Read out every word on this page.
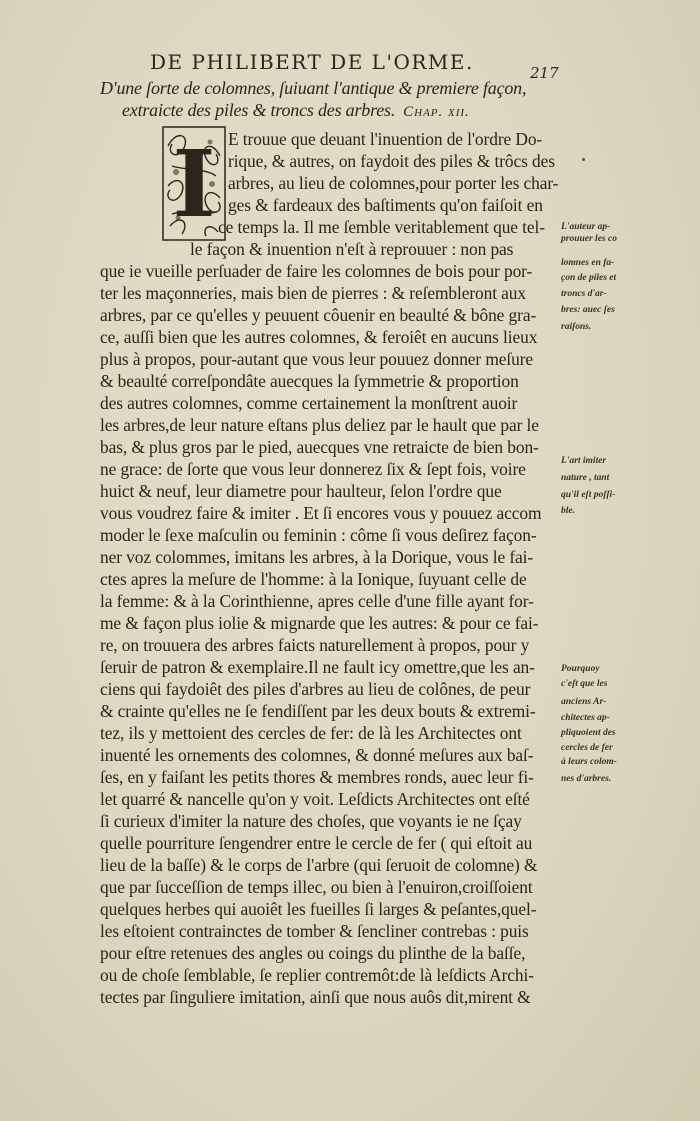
DE PHILIBERT DE L'ORME.	217
D'une ſorte de colomnes, ſuiuant l'antique & premiere façon,
extraicte des piles & troncs des arbres. Chap. xii.
I E trouue que deuant l'inuention de l'ordre Do-
rique, & autres, on faydoit des piles & trôcs des
arbres, au lieu de colomnes,pour porter les char-
ges & fardeaux des baſtiments qu'on faiſoit en
ce temps la. Il me ſemble veritablement que tel-
le façon & inuention n'eſt à reprouuer : non pas
que ie vueille perſuader de faire les colomnes de bois pour por-
ter les maçonneries, mais bien de pierres : & reſembleront aux
arbres, par ce qu'elles y peuuent côuenir en beaulté & bône gra-
ce, auſſi bien que les autres colomnes, & feroiêt en aucuns lieux
plus à propos, pour-autant que vous leur pouuez donner meſure
& beaulté correſpondâte auecques la ſymmetrie & proportion
des autres colomnes, comme certainement la monſtrent auoir
les arbres,de leur nature eſtans plus deliez par le hault que par le
bas, & plus gros par le pied, auecques vne retraicte de bien bon-
ne grace: de ſorte que vous leur donnerez ſix & ſept fois, voire
huict & neuf, leur diametre pour haulteur, ſelon l'ordre que
vous voudrez faire & imiter . Et ſi encores vous y pouuez accom
moder le ſexe maſculin ou feminin : côme ſi vous deſirez façon-
ner voz colommes, imitans les arbres, à la Dorique, vous le fai-
ctes apres la meſure de l'homme: à la Ionique, ſuyuant celle de
la femme: & à la Corinthienne, apres celle d'une fille ayant for-
me & façon plus iolie & mignarde que les autres: & pour ce fai-
re, on trouuera des arbres faicts naturellement à propos, pour y
ſeruir de patron & exemplaire.Il ne fault icy omettre,que les an-
ciens qui faydoiêt des piles d'arbres au lieu de colônes, de peur
& crainte qu'elles ne ſe fendiſſent par les deux bouts & extremi-
tez, ils y mettoient des cercles de fer: de là les Architectes ont
inuenté les ornements des colomnes, & donné meſures aux baſ-
ſes, en y faiſant les petits thores & membres ronds, auec leur fi-
let quarré & nancelle qu'on y voit. Leſdicts Architectes ont eſté
ſi curieux d'imiter la nature des choſes, que voyants ie ne ſçay
quelle pourriture ſengendrer entre le cercle de fer ( qui eſtoit au
lieu de la baſſe) & le corps de l'arbre (qui ſeruoit de colomne) &
que par ſucceſſion de temps illec, ou bien à l'enuiron,croiſſoient
quelques herbes qui auoiêt les fueilles ſi larges & peſantes,quel-
les eſtoient contrainctes de tomber & ſencliner contrebas : puis
pour eſtre retenues des angles ou coings du plinthe de la baſſe,
ou de choſe ſemblable, ſe replier contremôt:de là leſdicts Archi-
tectes par ſinguliere imitation, ainſi que nous auôs dit,mirent &
L'auteur ap-
prouuer les co
lomnes en fa-
çon de piles et
troncs d'ar-
bres: auec ſes
raiſons.
L'art imiter
nature , tant
qu'il eſt poſſi-
ble.
Pourquoy
c'eſt que les
anciens Ar-
chitectes ap-
pliquoient des
cercles de fer
à leurs colom-
nes d'arbres.
